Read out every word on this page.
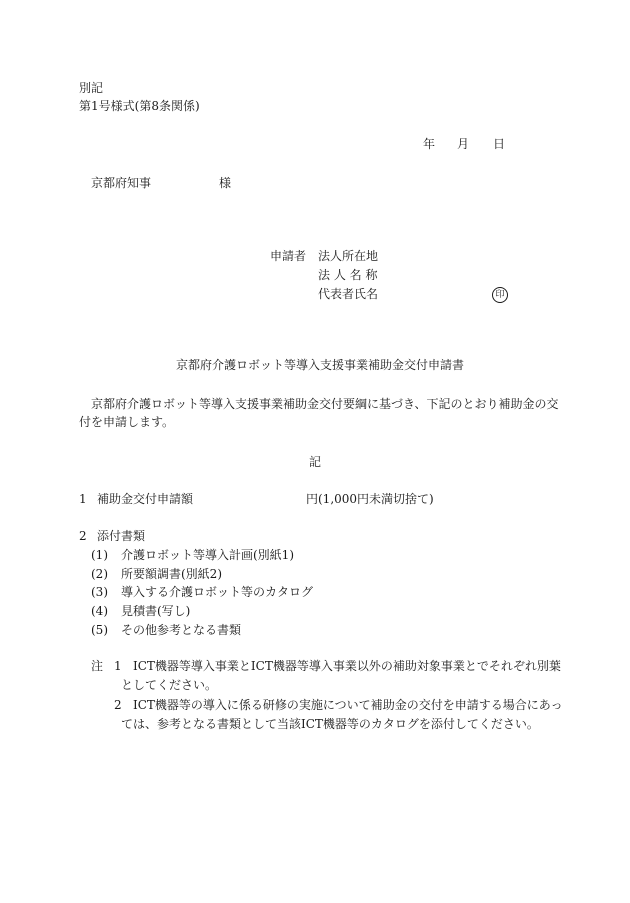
別記
第1号様式(第8条関係)
年 月 日
京都府知事	様
申請者 法人所在地
法 人 名 称
代表者氏名	印
京都府介護ロボット等導入支援事業補助金交付申請書
京都府介護ロボット等導入支援事業補助金交付要綱に基づき、下記のとおり補助金の交
付を申請します。
記
1 補助金交付申請額	円(1,000円未満切捨て)
2 添付書類
(1) 介護ロボット等導入計画(別紙1)
(2) 所要額調書(別紙2)
(3) 導入する介護ロボット等のカタログ
(4) 見積書(写し)
(5) その他参考となる書類
注 1 ICT機器等導入事業とICT機器等導入事業以外の補助対象事業とでそれぞれ別葉
としてください。
2 ICT機器等の導入に係る研修の実施について補助金の交付を申請する場合にあっ
ては、参考となる書類として当該ICT機器等のカタログを添付してください。
